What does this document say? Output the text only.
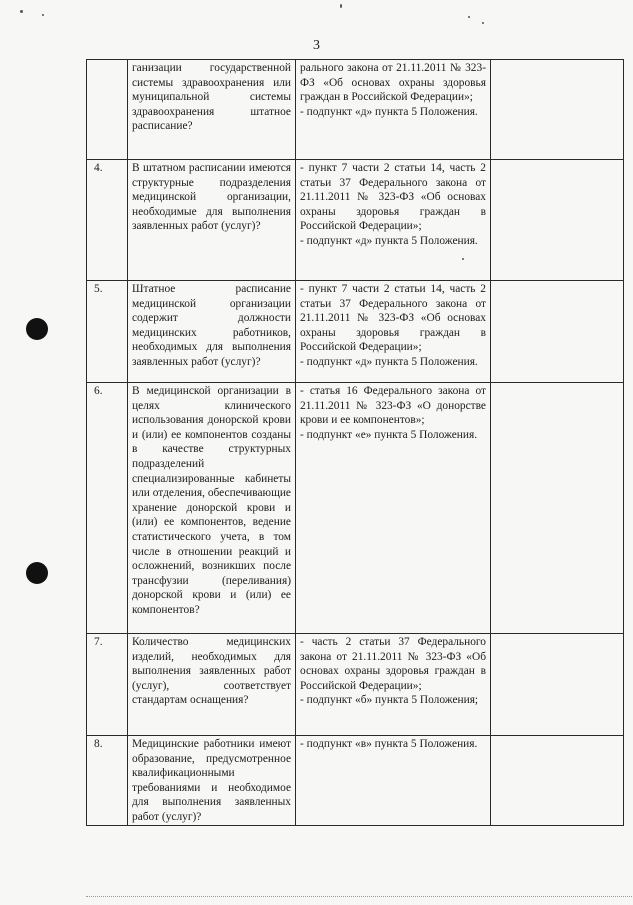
3
	ганизации государственной системы здравоохранения или муниципальной системы здравоохранения штатное расписание?	рального закона от 21.11.2011 № 323-ФЗ «Об основах охраны здоровья граждан в Российской Федерации»;
- подпункт «д» пункта 5 Положения.	

4.	В штатном расписании имеются структурные подразделения медицинской организации, необходимые для выполнения заявленных работ (услуг)?	- пункт 7 части 2 статьи 14, часть 2 статьи 37 Федерального закона от 21.11.2011 № 323-ФЗ «Об основах охраны здоровья граждан в Российской Федерации»;
- подпункт «д» пункта 5 Положения.	

5.	Штатное расписание медицинской организации содержит должности медицинских работников, необходимых для выполнения заявленных работ (услуг)?	- пункт 7 части 2 статьи 14, часть 2 статьи 37 Федерального закона от 21.11.2011 № 323-ФЗ «Об основах охраны здоровья граждан в Российской Федерации»;
- подпункт «д» пункта 5 Положения.	

6.	В медицинской организации в целях клинического использования донорской крови и (или) ее компонентов созданы в качестве структурных подразделений специализированные кабинеты или отделения, обеспечивающие хранение донорской крови и (или) ее компонентов, ведение статистического учета, в том числе в отношении реакций и осложнений, возникших после трансфузии (переливания) донорской крови и (или) ее компонентов?	- статья 16 Федерального закона от 21.11.2011 № 323-ФЗ «О донорстве крови и ее компонентов»;
- подпункт «е» пункта 5 Положения.	

7.	Количество медицинских изделий, необходимых для выполнения заявленных работ (услуг), соответствует стандартам оснащения?	- часть 2 статьи 37 Федерального закона от 21.11.2011 № 323-ФЗ «Об основах охраны здоровья граждан в Российской Федерации»;
- подпункт «б» пункта 5 Положения;	

8.	Медицинские работники имеют образование, предусмотренное квалификационными требованиями и необходимое для выполнения заявленных работ (услуг)?	- подпункт «в» пункта 5 Положения.	
